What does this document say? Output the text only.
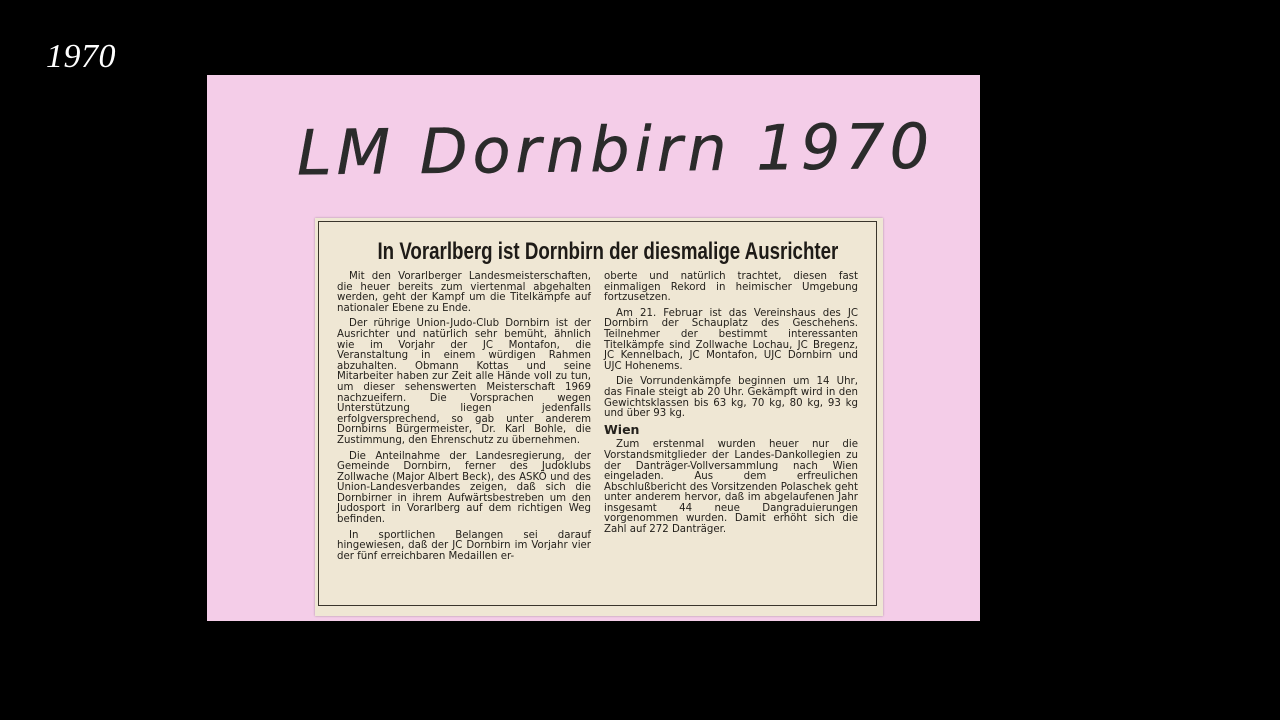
1970
LM Dornbirn 1970
In Vorarlberg ist Dornbirn der diesmalige Ausrichter

Mit den Vorarlberger Landesmeisterschaften, die heuer bereits zum viertenmal abgehalten werden, geht der Kampf um die Titelkämpfe auf nationaler Ebene zu Ende.

Der rührige Union-Judo-Club Dornbirn ist der Ausrichter und natürlich sehr bemüht, ähnlich wie im Vorjahr der JC Montafon, die Veranstaltung in einem würdigen Rahmen abzuhalten. Obmann Kottas und seine Mitarbeiter haben zur Zeit alle Hände voll zu tun, um dieser sehenswerten Meisterschaft 1969 nachzueifern. Die Vorsprachen wegen Unterstützung liegen jedenfalls erfolgversprechend, so gab unter anderem Dornbirns Bürgermeister, Dr. Karl Bohle, die Zustimmung, den Ehrenschutz zu übernehmen.

Die Anteilnahme der Landesregierung, der Gemeinde Dornbirn, ferner des Judoklubs Zollwache (Major Albert Beck), des ASKÖ und des Union-Landesverbandes zeigen, daß sich die Dornbirner in ihrem Aufwärtsbestreben um den Judosport in Vorarlberg auf dem richtigen Weg befinden.

In sportlichen Belangen sei darauf hingewiesen, daß der JC Dornbirn im Vorjahr vier der fünf erreichbaren Medaillen er-

oberte und natürlich trachtet, diesen fast einmaligen Rekord in heimischer Umgebung fortzusetzen.

Am 21. Februar ist das Vereinshaus des JC Dornbirn der Schauplatz des Geschehens. Teilnehmer der bestimmt interessanten Titelkämpfe sind Zollwache Lochau, JC Bregenz, JC Kennelbach, JC Montafon, UJC Dornbirn und UJC Hohenems.

Die Vorrundenkämpfe beginnen um 14 Uhr, das Finale steigt ab 20 Uhr. Gekämpft wird in den Gewichtsklassen bis 63 kg, 70 kg, 80 kg, 93 kg und über 93 kg.

Wien

Zum erstenmal wurden heuer nur die Vorstandsmitglieder der Landes-Dankollegien zu der Danträger-Vollversammlung nach Wien eingeladen. Aus dem erfreulichen Abschlußbericht des Vorsitzenden Polaschek geht unter anderem hervor, daß im abgelaufenen Jahr insgesamt 44 neue Dangraduierungen vorgenommen wurden. Damit erhöht sich die Zahl auf 272 Danträger.
